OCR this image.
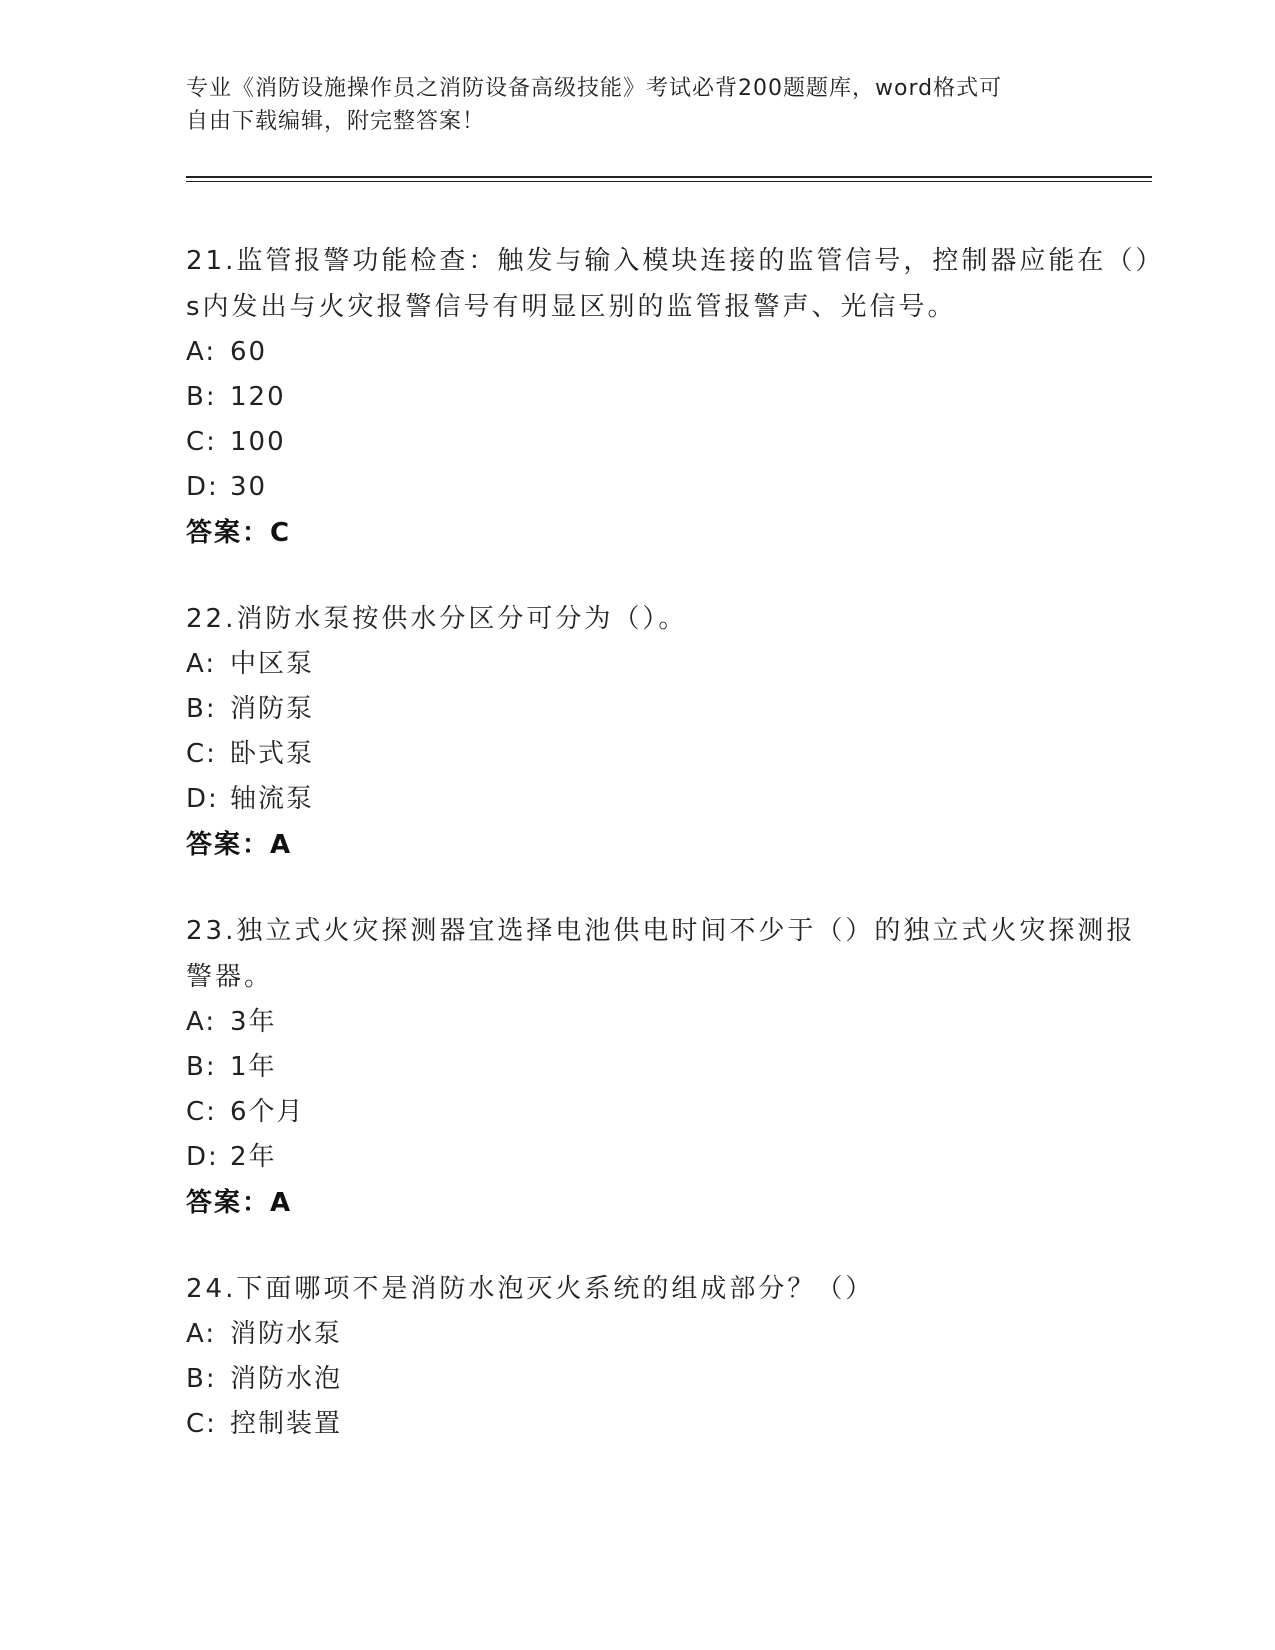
专业《消防设施操作员之消防设备高级技能》考试必背200题题库，word格式可
自由下载编辑，附完整答案！
21.监管报警功能检查：触发与输入模块连接的监管信号，控制器应能在（）s内发出与火灾报警信号有明显区别的监管报警声、光信号。
A: 60
B: 120
C: 100
D: 30
答案： C
22.消防水泵按供水分区分可分为（）。
A: 中区泵
B: 消防泵
C: 卧式泵
D: 轴流泵
答案： A
23.独立式火灾探测器宜选择电池供电时间不少于（）的独立式火灾探测报警器。
A: 3年
B: 1年
C: 6个月
D: 2年
答案： A
24.下面哪项不是消防水泡灭火系统的组成部分？（）
A: 消防水泵
B: 消防水泡
C: 控制装置
